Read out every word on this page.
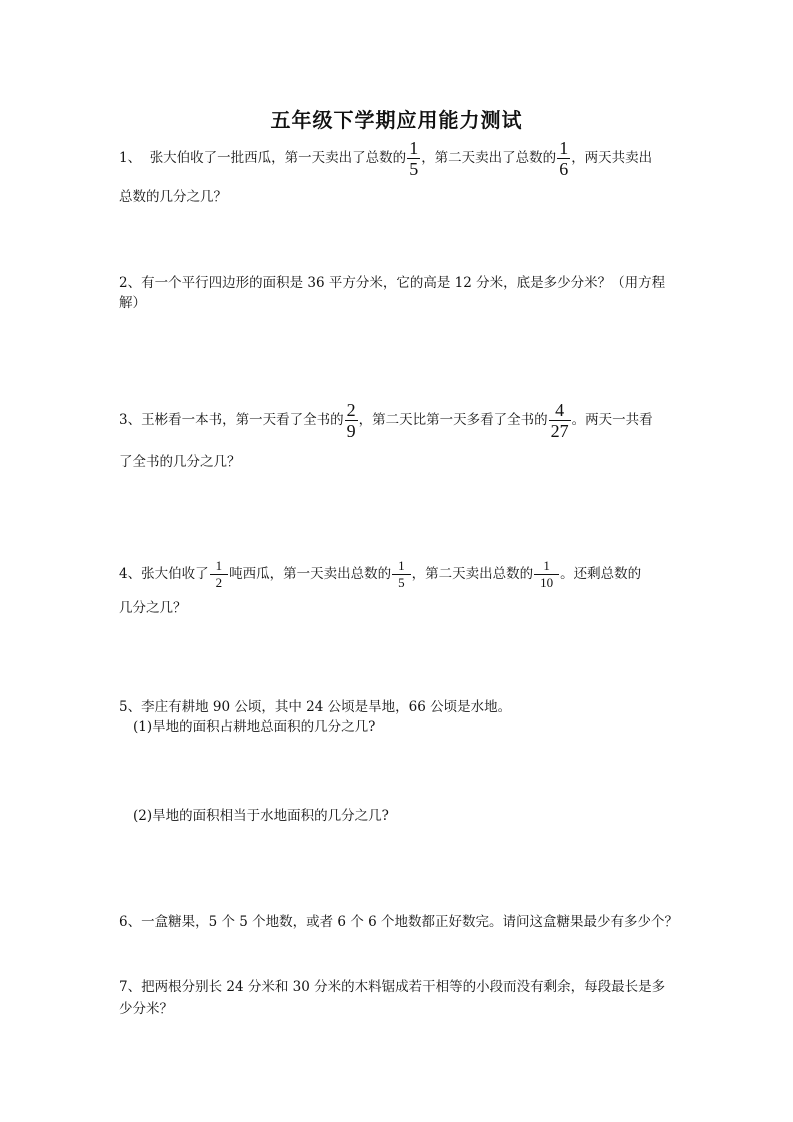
五年级下学期应用能力测试
1、 张大伯收了一批西瓜，第一天卖出了总数的 $\frac{1}{5}$ ，第二天卖出了总数的 $\frac{1}{6}$ ，两天共卖出
总数的几分之几？
2、 有一个平行四边形的面积是 36 平方分米，它的高是 12 分米，底是多少分米？（用方程
解）
3、 王彬看一本书，第一天看了全书的 $\frac{2}{9}$ ，第二天比第一天多看了全书的 $\frac{4}{27}$ 。两天一共看
了全书的几分之几？
4、 张大伯收了 $\frac{1}{2}$ 吨西瓜，第一天卖出总数的 $\frac{1}{5}$ ，第二天卖出总数的 $\frac{1}{10}$ 。还剩总数的
几分之几？
5、 李庄有耕地 90 公顷，其中 24 公顷是旱地，66 公顷是水地。
(1)旱地的面积占耕地总面积的几分之几?
(2)旱地的面积相当于水地面积的几分之几?
6、 一盒糖果，5 个 5 个地数，或者 6 个 6 个地数都正好数完。请问这盒糖果最少有多少个？
7、 把两根分别长 24 分米和 30 分米的木料锯成若干相等的小段而没有剩余，每段最长是多
少分米？
